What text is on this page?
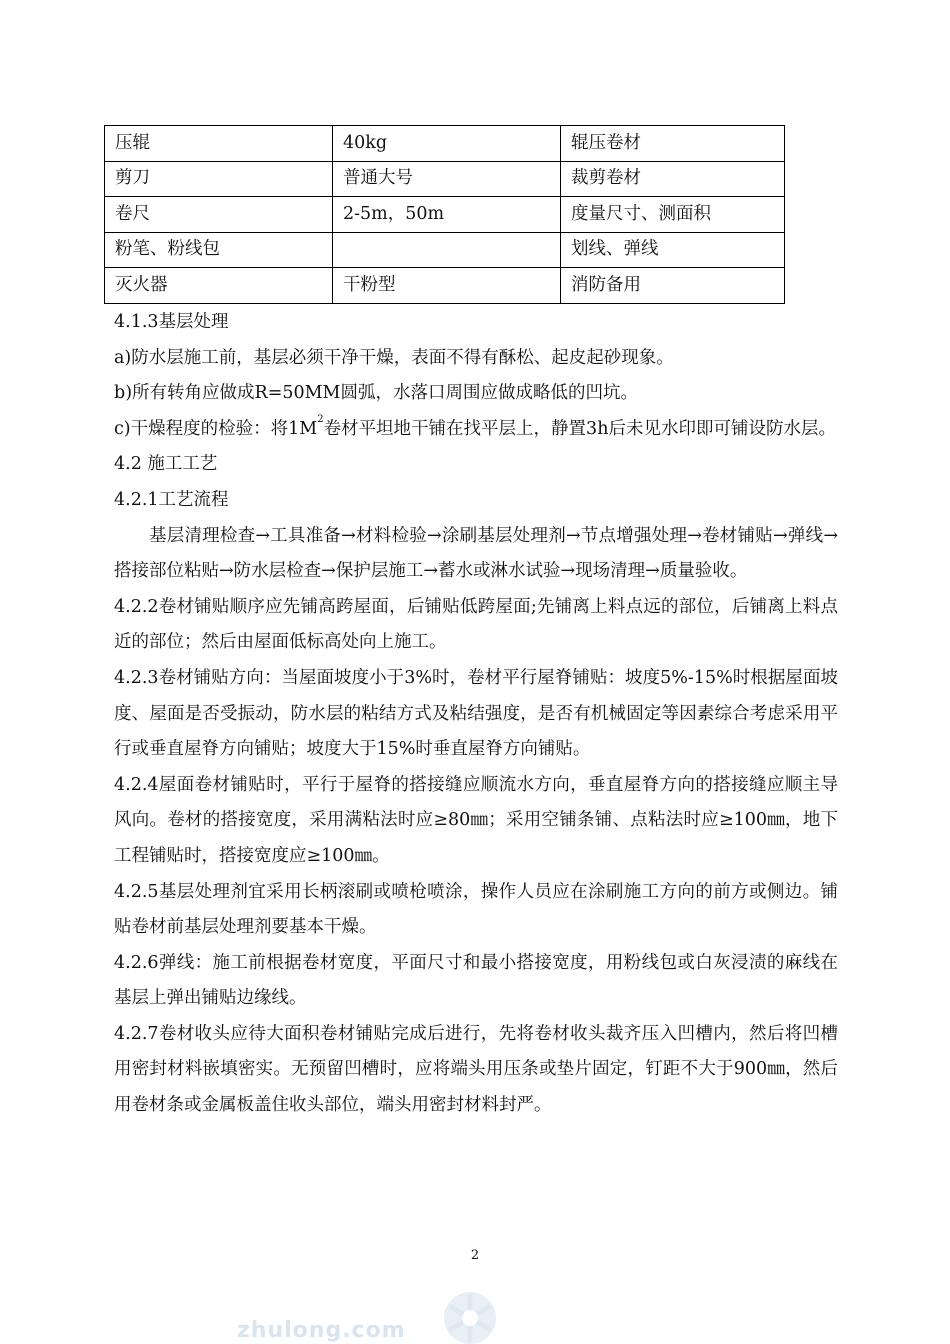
压辊	40kg	辊压卷材
剪刀	普通大号	裁剪卷材
卷尺	2-5m，50m	度量尺寸、测面积
粉笔、粉线包		划线、弹线
灭火器	干粉型	消防备用

4.1.3基层处理

a)防水层施工前，基层必须干净干燥，表面不得有酥松、起皮起砂现象。

b)所有转角应做成R=50MM圆弧，水落口周围应做成略低的凹坑。

c)干燥程度的检验：将$1M^2$卷材平坦地干铺在找平层上，静置3h后未见水印即可铺设防水层。

4.2 施工工艺

4.2.1工艺流程

基层清理检查→工具准备→材料检验→涂刷基层处理剂→节点增强处理→卷材铺贴→弹线→搭接部位粘贴→防水层检查→保护层施工→蓄水或淋水试验→现场清理→质量验收。

4.2.2卷材铺贴顺序应先铺高跨屋面，后铺贴低跨屋面;先铺离上料点远的部位，后铺离上料点近的部位；然后由屋面低标高处向上施工。

4.2.3卷材铺贴方向：当屋面坡度小于3%时，卷材平行屋脊铺贴：坡度5%-15%时根据屋面坡度、屋面是否受振动，防水层的粘结方式及粘结强度，是否有机械固定等因素综合考虑采用平行或垂直屋脊方向铺贴；坡度大于15%时垂直屋脊方向铺贴。

4.2.4屋面卷材铺贴时，平行于屋脊的搭接缝应顺流水方向，垂直屋脊方向的搭接缝应顺主导风向。卷材的搭接宽度，采用满粘法时应≥80㎜；采用空铺条铺、点粘法时应≥100㎜，地下工程铺贴时，搭接宽度应≥100㎜。

4.2.5基层处理剂宜采用长柄滚刷或喷枪喷涂，操作人员应在涂刷施工方向的前方或侧边。铺贴卷材前基层处理剂要基本干燥。

4.2.6弹线：施工前根据卷材宽度，平面尺寸和最小搭接宽度，用粉线包或白灰浸渍的麻线在基层上弹出铺贴边缘线。

4.2.7卷材收头应待大面积卷材铺贴完成后进行，先将卷材收头裁齐压入凹槽内，然后将凹槽用密封材料嵌填密实。无预留凹槽时，应将端头用压条或垫片固定，钉距不大于900㎜，然后用卷材条或金属板盖住收头部位，端头用密封材料封严。

2
zhulong.com
